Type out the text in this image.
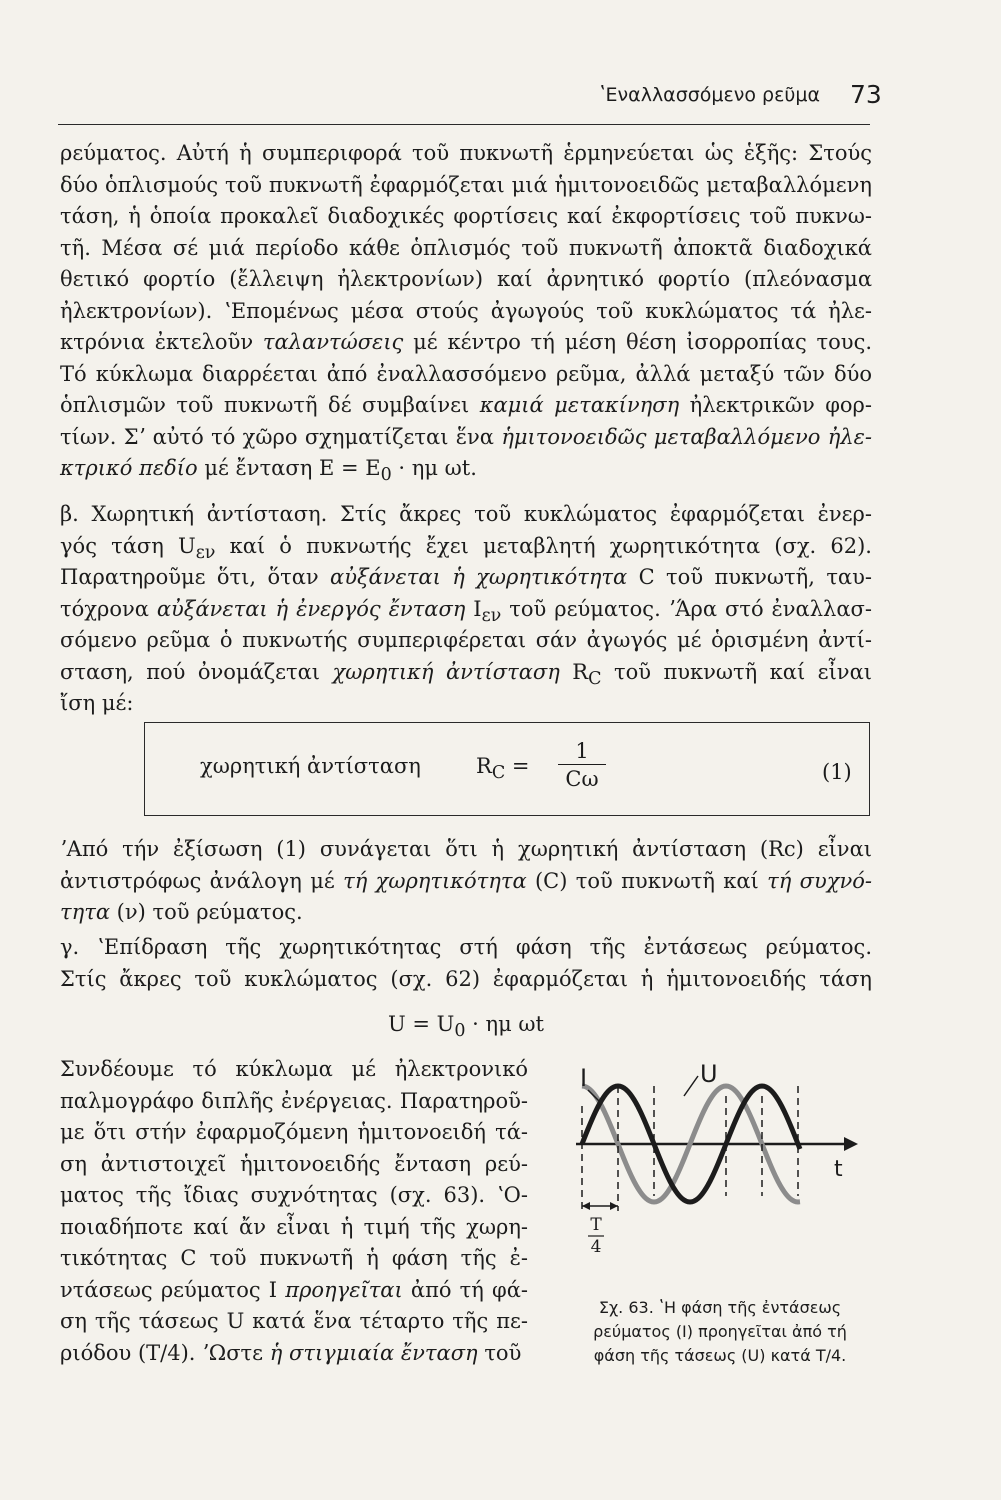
ʽΕναλλασσόμενο ρεῦμα 73

ρεύματος. Αὐτή ἡ συμπεριφορά τοῦ πυκνωτῆ ἑρμηνεύεται ὡς ἑξῆς: Στούς

δύο ὁπλισμούς τοῦ πυκνωτῆ ἐφαρμόζεται μιά ἡμιτονοειδῶς μεταβαλλόμενη

τάση, ἡ ὁποία προκαλεῖ διαδοχικές φορτίσεις καί ἐκφορτίσεις τοῦ πυκνω-

τῆ. Μέσα σέ μιά περίοδο κάθε ὁπλισμός τοῦ πυκνωτῆ ἀποκτᾶ διαδοχικά

θετικό φορτίο (ἔλλειψη ἠλεκτρονίων) καί ἀρνητικό φορτίο (πλεόνασμα

ἠλεκτρονίων). ʽΕπομένως μέσα στούς ἀγωγούς τοῦ κυκλώματος τά ἠλε-

κτρόνια ἐκτελοῦν ταλαντώσεις μέ κέντρο τή μέση θέση ἰσορροπίας τους.

Τό κύκλωμα διαρρέεται ἀπό ἐναλλασσόμενο ρεῦμα, ἀλλά μεταξύ τῶν δύο

ὁπλισμῶν τοῦ πυκνωτῆ δέ συμβαίνει καμιά μετακίνηση ἠλεκτρικῶν φορ-

τίων. Σʼ αὐτό τό χῶρο σχηματίζεται ἕνα ἡμιτονοειδῶς μεταβαλλόμενο ἠλε-

κτρικό πεδίο μέ ἔνταση $E = E_0 \cdot \eta\mu$ ωt.

β. Χωρητική ἀντίσταση. Στίς ἄκρες τοῦ κυκλώματος ἐφαρμόζεται ἐνερ-

γός τάση $U_{\varepsilon\nu}$ καί ὁ πυκνωτής ἔχει μεταβλητή χωρητικότητα (σχ. 62).

Παρατηροῦμε ὅτι, ὅταν αὐξάνεται ἡ χωρητικότητα C τοῦ πυκνωτῆ, ταυ-

τόχρονα αὐξάνεται ἡ ἐνεργός ἔνταση $I_{\varepsilon\nu}$ τοῦ ρεύματος. ʼΆρα στό ἐναλλασ-

σόμενο ρεῦμα ὁ πυκνωτής συμπεριφέρεται σάν ἀγωγός μέ ὁρισμένη ἀντί-

σταση, πού ὀνομάζεται χωρητική ἀντίσταση $R_C$ τοῦ πυκνωτῆ καί εἶναι

ἴση μέ:

χωρητική ἀντίσταση	$R_C$ =
1
Cω	(1)

ʼΑπό τήν ἐξίσωση (1) συνάγεται ὅτι ἡ χωρητική ἀντίσταση (Rc) εἶναι

ἀντιστρόφως ἀνάλογη μέ τή χωρητικότητα (C) τοῦ πυκνωτῆ καί τή συχνό-

τητα (ν) τοῦ ρεύματος.

γ. ʽΕπίδραση τῆς χωρητικότητας στή φάση τῆς ἐντάσεως ρεύματος.

Στίς ἄκρες τοῦ κυκλώματος (σχ. 62) ἐφαρμόζεται ἡ ἡμιτονοειδής τάση

$U = U_0 \cdot \eta\mu$ ωt

Συνδέουμε τό κύκλωμα μέ ἠλεκτρονικό

παλμογράφο διπλῆς ἐνέργειας. Παρατηροῦ-

με ὅτι στήν ἐφαρμοζόμενη ἡμιτονοειδή τά-

ση ἀντιστοιχεῖ ἡμιτονοειδής ἔνταση ρεύ-

ματος τῆς ἴδιας συχνότητας (σχ. 63). ʽΟ-

ποιαδήποτε καί ἄν εἶναι ἡ τιμή τῆς χωρη-

τικότητας C τοῦ πυκνωτῆ ἡ φάση τῆς ἐ-

ντάσεως ρεύματος I προηγεῖται ἀπό τή φά-

ση τῆς τάσεως U κατά ἕνα τέταρτο τῆς πε-

ριόδου (Τ/4). ʼΩστε ἡ στιγμιαία ἔνταση τοῦ

I	U
t
T
4

Σχ. 63. ʽΗ φάση τῆς ἐντάσεως

ρεύματος (I) προηγεῖται ἀπό τή

φάση τῆς τάσεως (U) κατά Τ/4.
